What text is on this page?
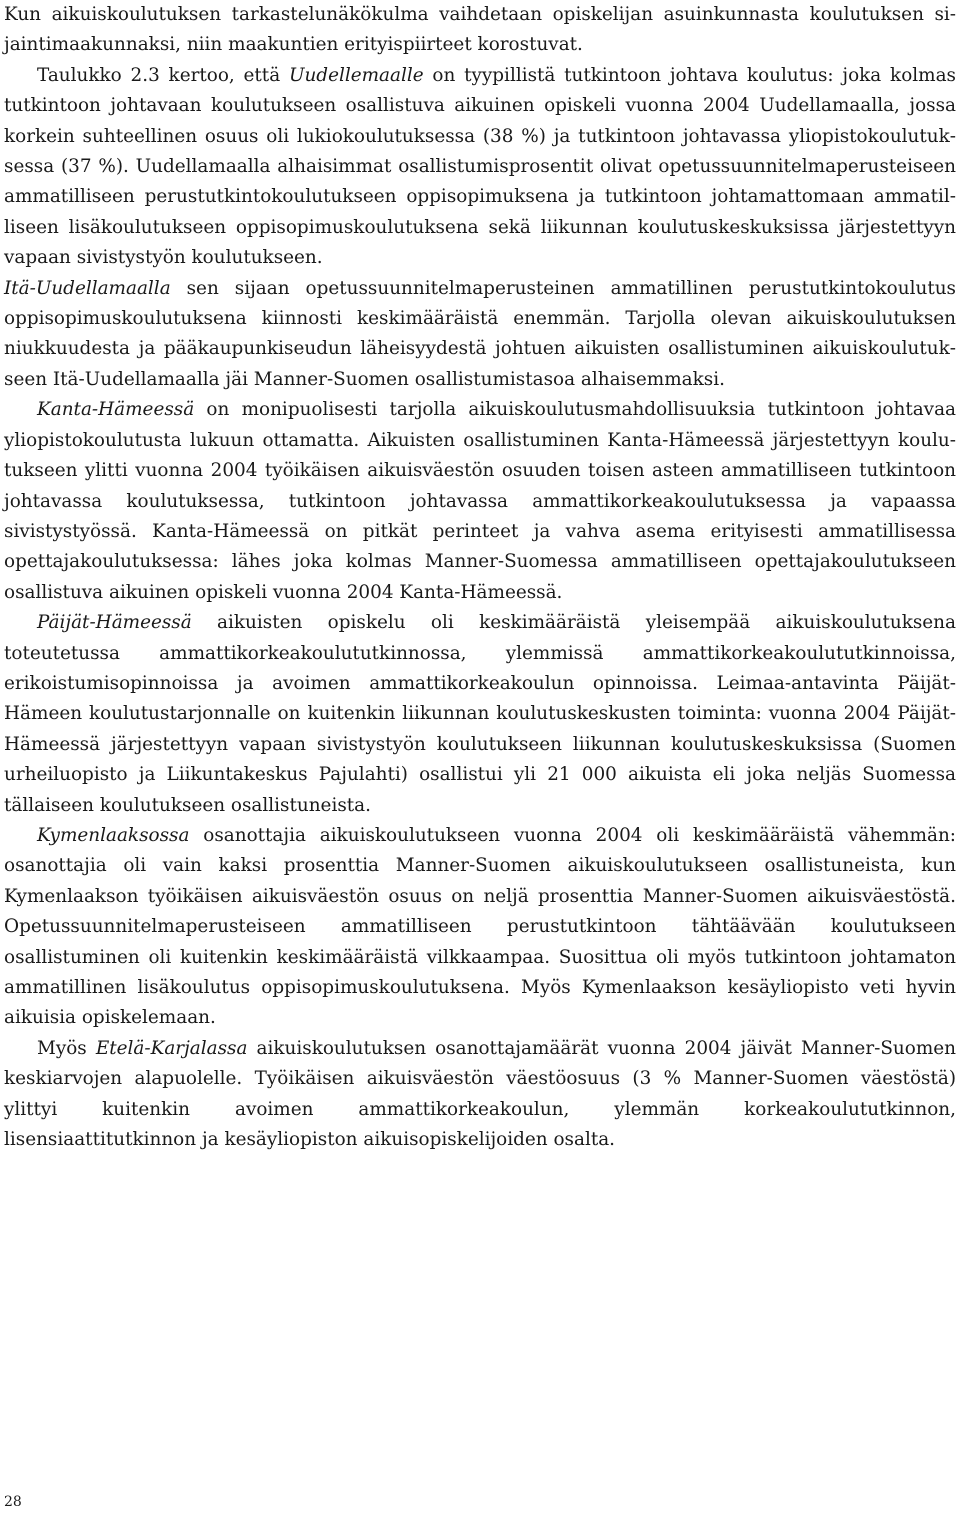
Kun aikuiskoulutuksen tarkastelunäkökulma vaihdetaan opiskelijan asuinkunnasta koulutuksen sijaintimaakunnaksi, niin maakuntien erityispiirteet korostuvat.

Taulukko 2.3 kertoo, että Uudellemaalle on tyypillistä tutkintoon johtava koulutus: joka kolmas tutkintoon johtavaan koulutukseen osallistuva aikuinen opiskeli vuonna 2004 Uudellamaalla, jossa korkein suhteellinen osuus oli lukiokoulutuksessa (38 %) ja tutkintoon johtavassa yliopistokoulutuksessa (37 %). Uudellamaalla alhaisimmat osallistumisprosentit olivat opetussuunnitelmaperusteiseen ammatilliseen perustutkintokoulutukseen oppisopimuksena ja tutkintoon johtamattomaan ammatilliseen lisäkoulutukseen oppisopimuskoulutuksena sekä liikunnan koulutuskeskuksissa järjestettyyn vapaan sivistystyön koulutukseen.

Itä-Uudellamaalla sen sijaan opetussuunnitelmaperusteinen ammatillinen perustutkintokoulutus oppisopimuskoulutuksena kiinnosti keskimääräistä enemmän. Tarjolla olevan aikuiskoulutuksen niukkuudesta ja pääkaupunkiseudun läheisyydestä johtuen aikuisten osallistuminen aikuiskoulutukseen Itä-Uudellamaalla jäi Manner-Suomen osallistumistasoa alhaisemmaksi.

Kanta-Hämeessä on monipuolisesti tarjolla aikuiskoulutusmahdollisuuksia tutkintoon johtavaa yliopistokoulutusta lukuun ottamatta. Aikuisten osallistuminen Kanta-Hämeessä järjestettyyn koulutukseen ylitti vuonna 2004 työikäisen aikuisväestön osuuden toisen asteen ammatilliseen tutkintoon johtavassa koulutuksessa, tutkintoon johtavassa ammattikorkeakoulutuksessa ja vapaassa sivistystyössä. Kanta-Hämeessä on pitkät perinteet ja vahva asema erityisesti ammatillisessa opettajakoulutuksessa: lähes joka kolmas Manner-Suomessa ammatilliseen opettajakoulutukseen osallistuva aikuinen opiskeli vuonna 2004 Kanta-Hämeessä.

Päijät-Hämeessä aikuisten opiskelu oli keskimääräistä yleisempää aikuiskoulutuksena toteutetussa ammattikorkeakoulututkinnossa, ylemmissä ammattikorkeakoulututkinnoissa, erikoistumisopinnoissa ja avoimen ammattikorkeakoulun opinnoissa. Leimaa-antavinta Päijät-Hämeen koulutustarjonnalle on kuitenkin liikunnan koulutuskeskusten toiminta: vuonna 2004 Päijät-Hämeessä järjestettyyn vapaan sivistystyön koulutukseen liikunnan koulutuskeskuksissa (Suomen urheiluopisto ja Liikuntakeskus Pajulahti) osallistui yli 21 000 aikuista eli joka neljäs Suomessa tällaiseen koulutukseen osallistuneista.

Kymenlaaksossa osanottajia aikuiskoulutukseen vuonna 2004 oli keskimääräistä vähemmän: osanottajia oli vain kaksi prosenttia Manner-Suomen aikuiskoulutukseen osallistuneista, kun Kymenlaakson työikäisen aikuisväestön osuus on neljä prosenttia Manner-Suomen aikuisväestöstä. Opetussuunnitelmaperusteiseen ammatilliseen perustutkintoon tähtäävään koulutukseen osallistuminen oli kuitenkin keskimääräistä vilkkaampaa. Suosittua oli myös tutkintoon johtamaton ammatillinen lisäkoulutus oppisopimuskoulutuksena. Myös Kymenlaakson kesäyliopisto veti hyvin aikuisia opiskelemaan.

Myös Etelä-Karjalassa aikuiskoulutuksen osanottajamäärät vuonna 2004 jäivät Manner-Suomen keskiarvojen alapuolelle. Työikäisen aikuisväestön väestöosuus (3 % Manner-Suomen väestöstä) ylittyi kuitenkin avoimen ammattikorkeakoulun, ylemmän korkeakoulututkinnon, lisensiaattitutkinnon ja kesäyliopiston aikuisopiskelijoiden osalta.

28
